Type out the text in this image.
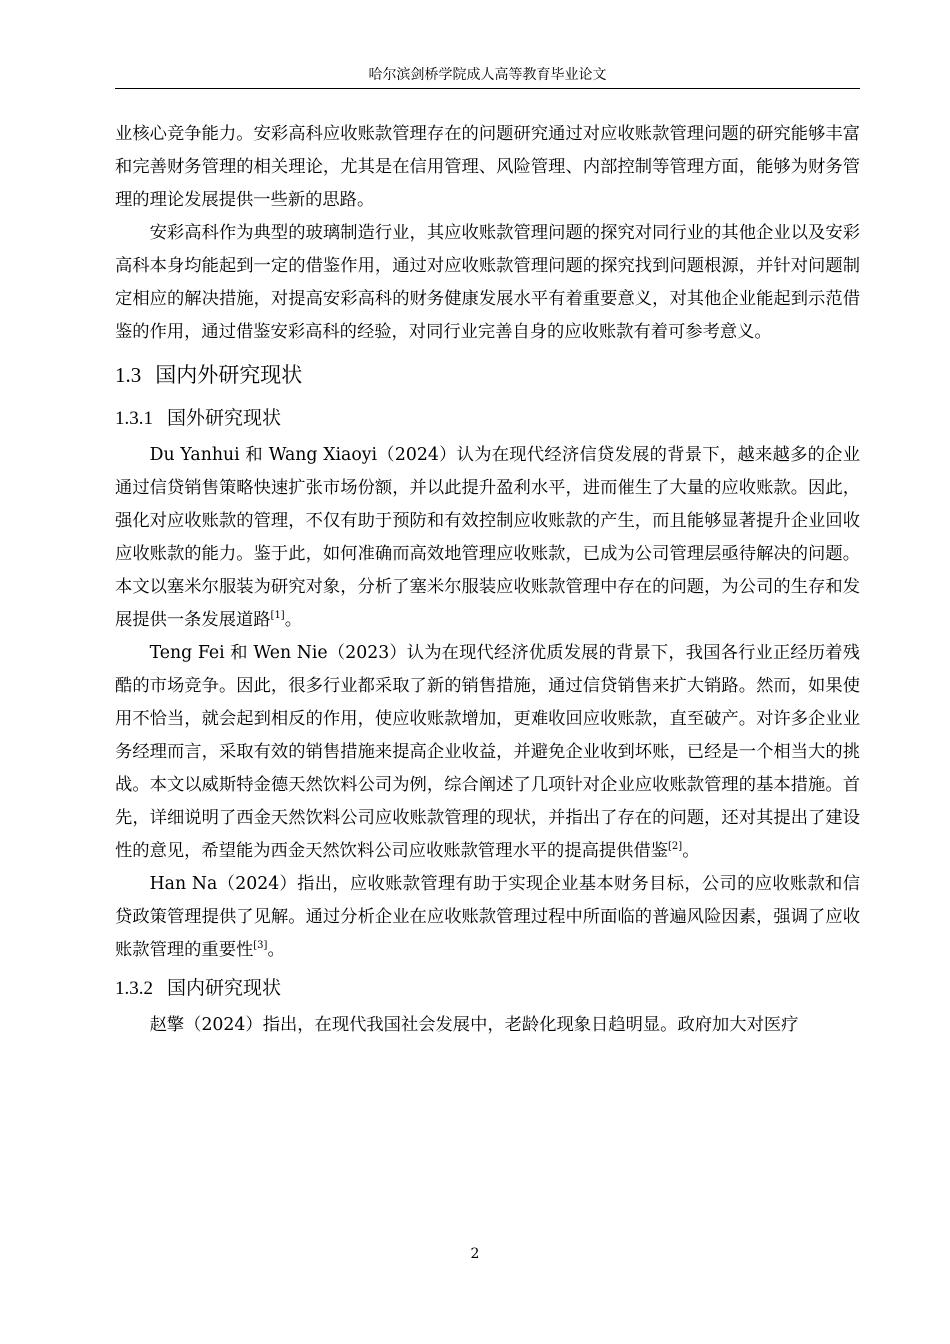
哈尔滨剑桥学院成人高等教育毕业论文

业核心竞争能力。安彩高科应收账款管理存在的问题研究通过对应收账款管理问题的研究能够丰富和完善财务管理的相关理论，尤其是在信用管理、风险管理、内部控制等管理方面，能够为财务管理的理论发展提供一些新的思路。

安彩高科作为典型的玻璃制造行业，其应收账款管理问题的探究对同行业的其他企业以及安彩高科本身均能起到一定的借鉴作用，通过对应收账款管理问题的探究找到问题根源，并针对问题制定相应的解决措施，对提高安彩高科的财务健康发展水平有着重要意义，对其他企业能起到示范借鉴的作用，通过借鉴安彩高科的经验，对同行业完善自身的应收账款有着可参考意义。

1.3 国内外研究现状
1.3.1 国外研究现状

Du Yanhui 和 Wang Xiaoyi（2024）认为在现代经济信贷发展的背景下，越来越多的企业通过信贷销售策略快速扩张市场份额，并以此提升盈利水平，进而催生了大量的应收账款。因此，强化对应收账款的管理，不仅有助于预防和有效控制应收账款的产生，而且能够显著提升企业回收应收账款的能力。鉴于此，如何准确而高效地管理应收账款，已成为公司管理层亟待解决的问题。本文以塞米尔服装为研究对象，分析了塞米尔服装应收账款管理中存在的问题，为公司的生存和发展提供一条发展道路[1]。

Teng Fei 和 Wen Nie（2023）认为在现代经济优质发展的背景下，我国各行业正经历着残酷的市场竞争。因此，很多行业都采取了新的销售措施，通过信贷销售来扩大销路。然而，如果使用不恰当，就会起到相反的作用，使应收账款增加，更难收回应收账款，直至破产。对许多企业业务经理而言，采取有效的销售措施来提高企业收益，并避免企业收到坏账，已经是一个相当大的挑战。本文以威斯特金德天然饮料公司为例，综合阐述了几项针对企业应收账款管理的基本措施。首先，详细说明了西金天然饮料公司应收账款管理的现状，并指出了存在的问题，还对其提出了建设性的意见，希望能为西金天然饮料公司应收账款管理水平的提高提供借鉴[2]。

Han Na（2024）指出，应收账款管理有助于实现企业基本财务目标，公司的应收账款和信贷政策管理提供了见解。通过分析企业在应收账款管理过程中所面临的普遍风险因素，强调了应收账款管理的重要性[3]。

1.3.2 国内研究现状

赵擎（2024）指出，在现代我国社会发展中，老龄化现象日趋明显。政府加大对医疗

2
